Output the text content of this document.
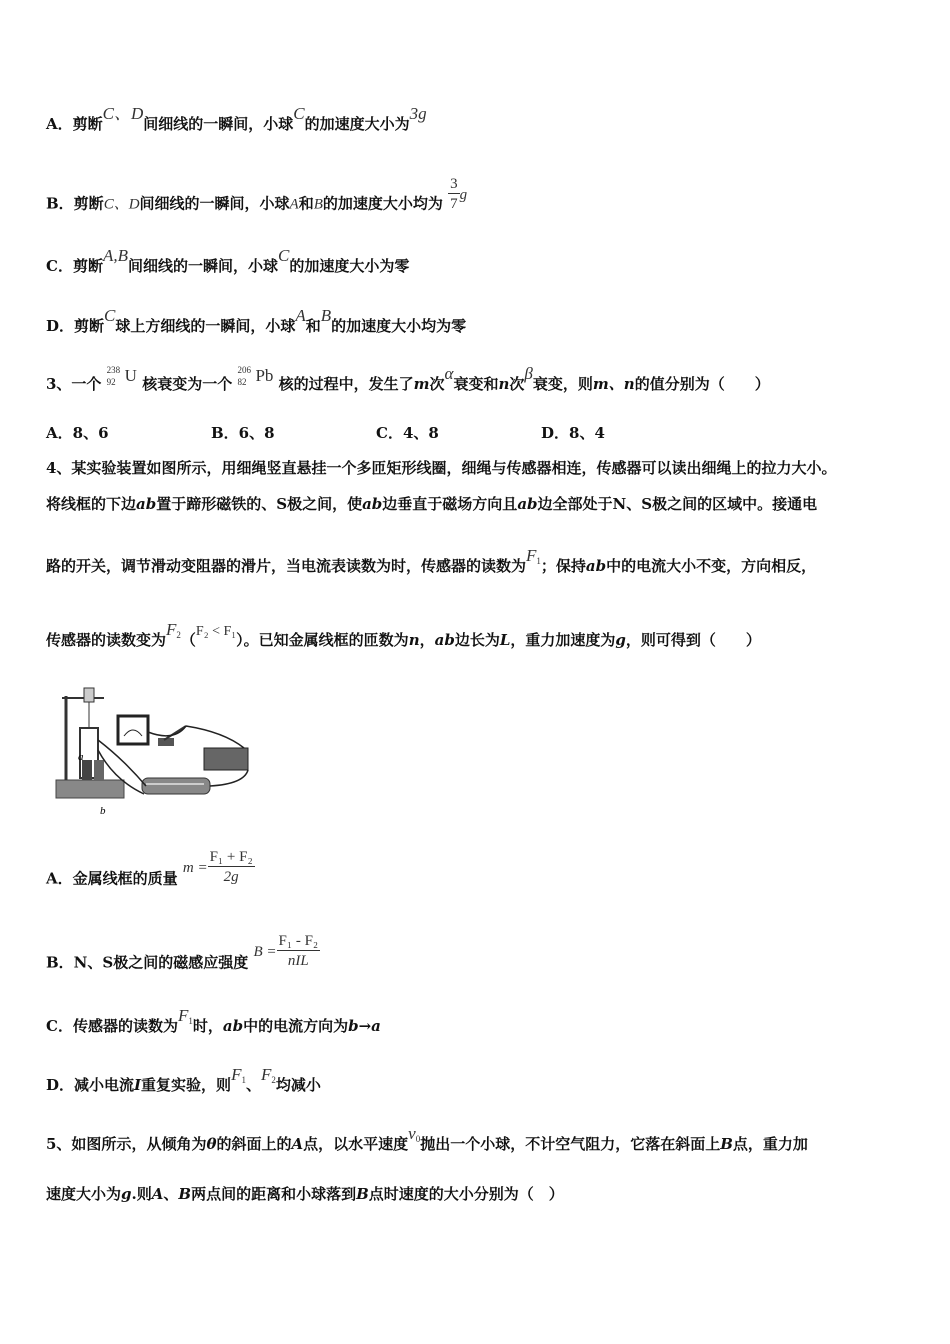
A．剪断C、D间细线的一瞬间，小球C的加速度大小为3g
B．剪断C、D间细线的一瞬间，小球A和B的加速度大小均为 $\frac{3}{7}$ g
C．剪断A,B间细线的一瞬间，小球C的加速度大小为零
D．剪断C球上方细线的一瞬间，小球A和B的加速度大小均为零
3、一个
238
92 U 核衰变为一个
206
82 Pb 核的过程中，发生了m次α衰变和n次β衰变，则m、n的值分别为（　　）
A．8、6	B．6、8	C．4、8	D．8、4
4、某实验装置如图所示，用细绳竖直悬挂一个多匝矩形线圈，细绳与传感器相连，传感器可以读出细绳上的拉力大小。
将线框的下边ab置于蹄形磁铁的、S极之间，使ab边垂直于磁场方向且ab边全部处于N、S极之间的区域中。接通电
路的开关，调节滑动变阻器的滑片，当电流表读数为时，传感器的读数为$F_1$；保持ab中的电流大小不变，方向相反，
传感器的读数变为$F_2(F_2 < F_1)$。已知金属线框的匝数为n，ab边长为L，重力加速度为g，则可得到（　　）
a
b
A．金属线框的质量 $m = \frac{\text{F₁ + F₂}}{2g}$
B．N、S极之间的磁感应强度 $B = \frac{\text{F₁ - F₂}}{\text{nIL}}$
C．传感器的读数为$F_1$时，ab中的电流方向为b→a
D．减小电流I重复实验，则$F_1$、$F_2$均减小
5、如图所示，从倾角为θ的斜面上的A点，以水平速度$v_0$抛出一个小球，不计空气阻力，它落在斜面上B点，重力加
速度大小为g.则A、B两点间的距离和小球落到B点时速度的大小分别为（　）
